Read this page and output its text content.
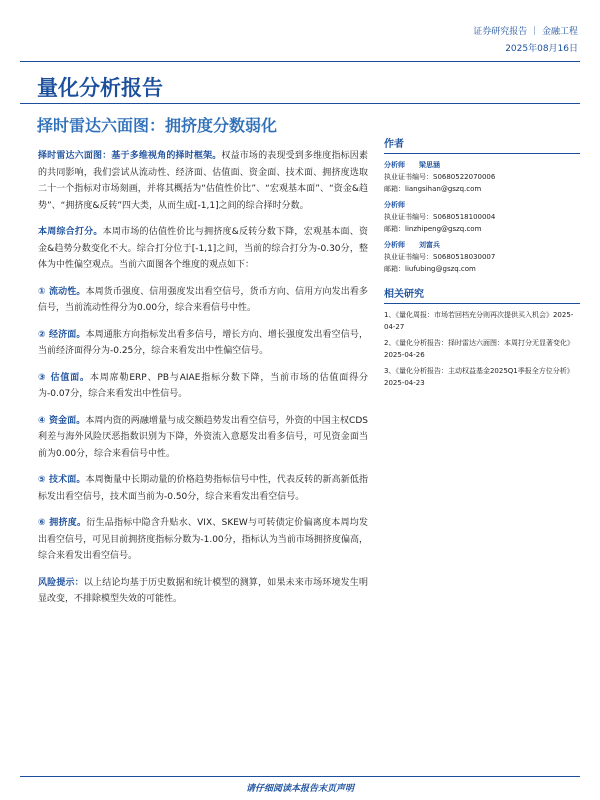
证券研究报告 ｜ 金融工程
2025年08月16日
量化分析报告
择时雷达六面图：拥挤度分数弱化

择时雷达六面图：基于多维视角的择时框架。权益市场的表现受到多维度指标因素的共同影响，我们尝试从流动性、经济面、估值面、资金面、技术面、拥挤度选取二十一个指标对市场刻画，并将其概括为“估值性价比”、“宏观基本面”、“资金&趋势”、“拥挤度&反转”四大类，从而生成[-1,1]之间的综合择时分数。

本周综合打分。本周市场的估值性价比与拥挤度&反转分数下降，宏观基本面、资金&趋势分数变化不大。综合打分位于[-1,1]之间，当前的综合打分为-0.30分，整体为中性偏空观点。当前六面图各个维度的观点如下：

① 流动性。本周货币强度、信用强度发出看空信号，货币方向、信用方向发出看多信号，当前流动性得分为0.00分，综合来看信号中性。

② 经济面。本周通胀方向指标发出看多信号，增长方向、增长强度发出看空信号，当前经济面得分为-0.25分，综合来看发出中性偏空信号。

③ 估值面。本周席勒ERP、PB与AIAE指标分数下降，当前市场的估值面得分为-0.07分，综合来看发出中性信号。

④ 资金面。本周内资的两融增量与成交额趋势发出看空信号，外资的中国主权CDS利差与海外风险厌恶指数识别为下降，外资流入意愿发出看多信号，可见资金面当前为0.00分，综合来看信号中性。

⑤ 技术面。本周衡量中长期动量的价格趋势指标信号中性，代表反转的新高新低指标发出看空信号，技术面当前为-0.50分，综合来看发出看空信号。

⑥ 拥挤度。衍生品指标中隐含升贴水、VIX、SKEW与可转债定价偏离度本周均发出看空信号，可见目前拥挤度指标分数为-1.00分，指标认为当前市场拥挤度偏高，综合来看发出看空信号。

风险提示：以上结论均基于历史数据和统计模型的测算，如果未来市场环境发生明显改变，不排除模型失效的可能性。

作者
分析师 梁思涵
执业证书编号：S0680522070006
邮箱：liangsihan@gszq.com
分析师
执业证书编号：S0680518100004
邮箱：linzhipeng@gszq.com
分析师 刘富兵
执业证书编号：S0680518030007
邮箱：liufubing@gszq.com
相关研究
1、《量化周报：市场若回档充分则再次提供买入机会》2025-04-27
2、《量化分析报告：择时雷达六面图：本周打分无显著变化》2025-04-26
3、《量化分析报告：主动权益基金2025Q1季报全方位分析》2025-04-23
请仔细阅读本报告末页声明
